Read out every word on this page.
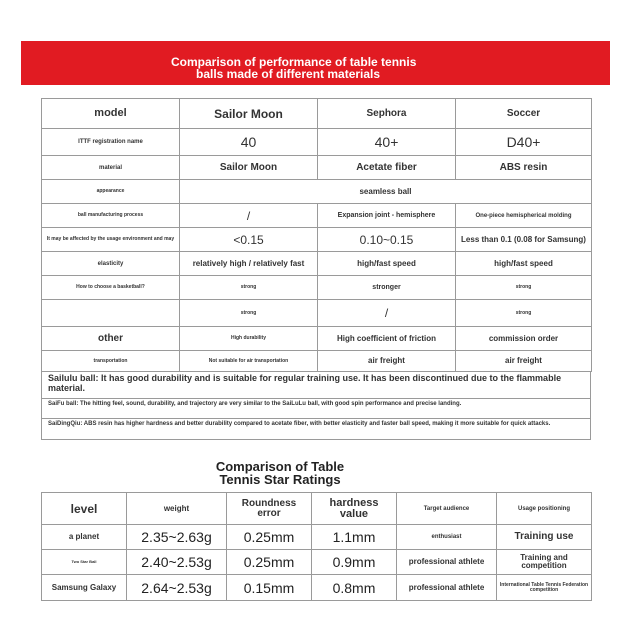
Comparison of performance of table tennis
balls made of different materials
model	Sailor Moon	Sephora	Soccer
ITTF registration name	40	40+	D40+
material	Sailor Moon	Acetate fiber	ABS resin
appearance	seamless ball		
ball manufacturing process	/	Expansion joint - hemisphere	One-piece hemispherical molding
It may be affected by the usage environment and may	<0.15	0.10~0.15	Less than 0.1 (0.08 for Samsung)
elasticity	relatively high / relatively fast	high/fast speed	high/fast speed
How to choose a basketball?	strong	stronger	strong
	strong	/	strong
other	High durability	High coefficient of friction	commission order
transportation	Not suitable for air transportation	air freight	air freight
Sailulu ball: It has good durability and is suitable for regular training use. It has been discontinued due to the flammable material.
SaiFu ball: The hitting feel, sound, durability, and trajectory are very similar to the SaiLuLu ball, with good spin performance and precise landing.
SaiDingQiu: ABS resin has higher hardness and better durability compared to acetate fiber, with better elasticity and faster ball speed, making it more suitable for quick attacks.
Comparison of Table
Tennis Star Ratings
level	weight	Roundness error	hardness value	Target audience	Usage positioning
a planet	2.35~2.63g	0.25mm	1.1mm	enthusiast	Training use
Two Star Ball	2.40~2.53g	0.25mm	0.9mm	professional athlete	Training and competition
Samsung Galaxy	2.64~2.53g	0.15mm	0.8mm	professional athlete	International Table Tennis Federation competition
